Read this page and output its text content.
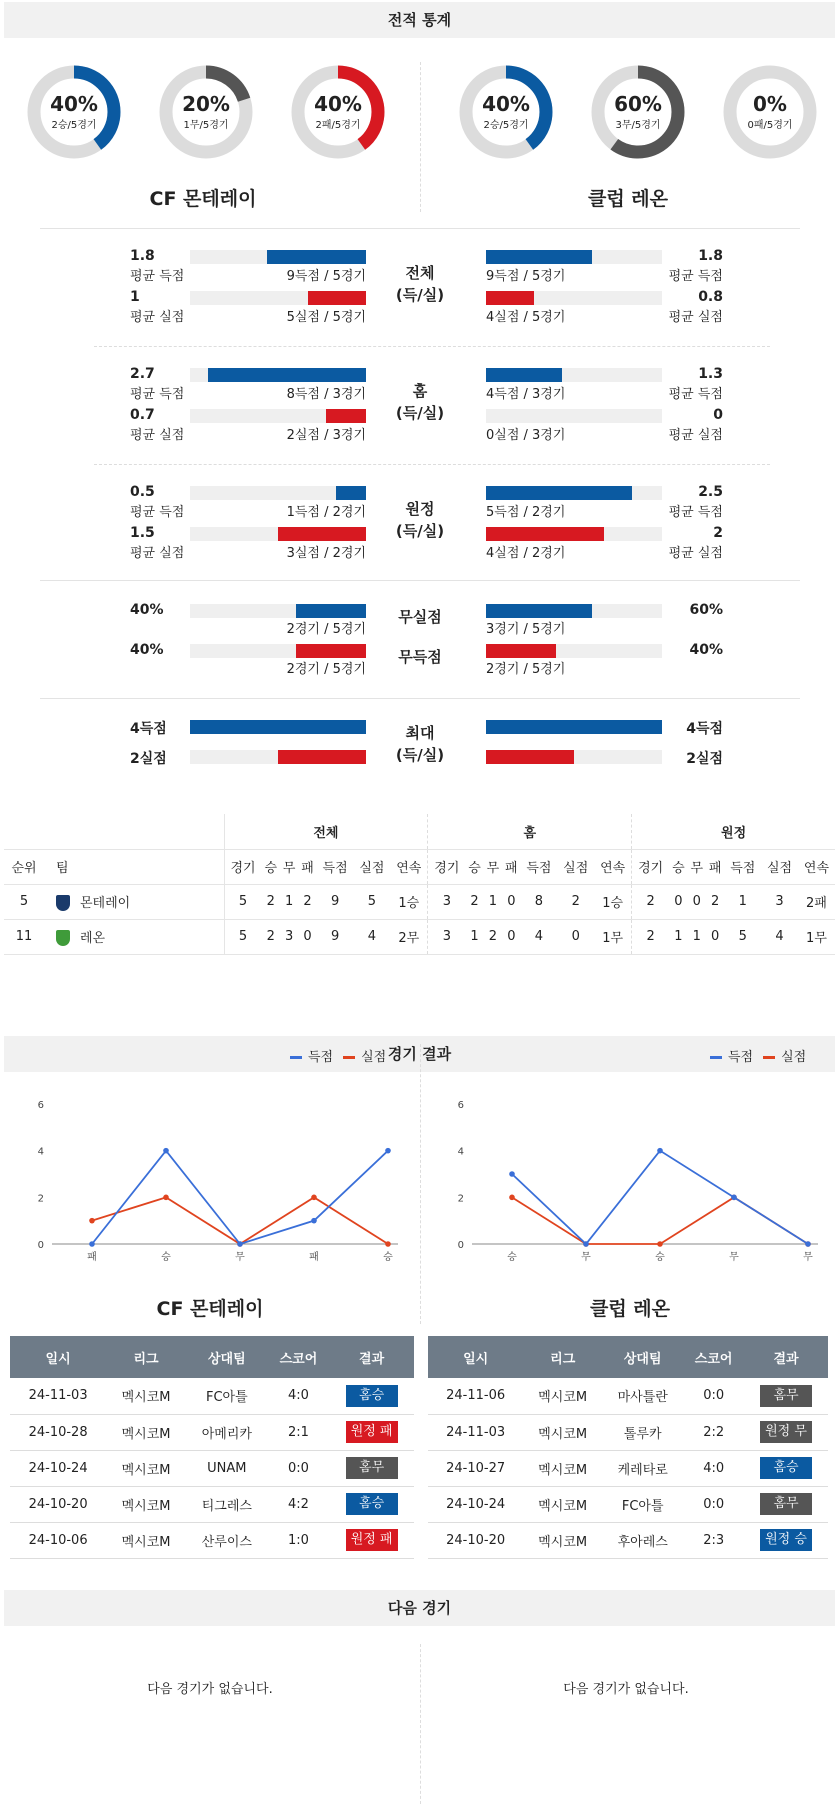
전적 통계
40%
2승/5경기
20%
1무/5경기
40%
2패/5경기
40%
2승/5경기
60%
3무/5경기
0%
0패/5경기
CF 몬테레이	클럽 레온
1.8
평균 득점	9득점 / 5경기
1.8
평균 득점
9득점 / 5경기
1
평균 실점	5실점 / 5경기
0.8
평균 실점
4실점 / 5경기
전체
(득/실)
2.7
평균 득점	8득점 / 3경기
1.3
평균 득점
4득점 / 3경기
0.7
평균 실점	2실점 / 3경기
0
평균 실점
0실점 / 3경기
홈
(득/실)
0.5
평균 득점	1득점 / 2경기
2.5
평균 득점
5득점 / 2경기
1.5
평균 실점	3실점 / 2경기
2
평균 실점
4실점 / 2경기
원정
(득/실)
40%
2경기 / 5경기
무실점	60%
3경기 / 5경기
40%
2경기 / 5경기
무득점	40%
2경기 / 5경기
4득점	4득점
2실점	2실점
최대
(득/실)
		전체							홈							원정						
순위	팀	경기	승	무	패	득점	실점	연속	경기	승	무	패	득점	실점	연속	경기	승	무	패	득점	실점	연속
5	몬테레이	5	2	1	2	9	5	1승	3	2	1	0	8	2	1승	2	0	0	2	1	3	2패
11	레온	5	2	3	0	9	4	2무	3	1	2	0	4	0	1무	2	1	1	0	5	4	1무
경기 결과
득점 실점
0
2
4
6
패	승	무	패	승
CF 몬테레이
득점 실점
0
2
4
6
승	무	승	무	무
클럽 레온
일시	리그	상대팀	스코어	결과
24-11-03	멕시코M	FC아틀	4:0	홈승
24-10-28	멕시코M	아메리카	2:1	원정 패
24-10-24	멕시코M	UNAM	0:0	홈무
24-10-20	멕시코M	티그레스	4:2	홈승
24-10-06	멕시코M	산루이스	1:0	원정 패
일시	리그	상대팀	스코어	결과
24-11-06	멕시코M	마사틀란	0:0	홈무
24-11-03	멕시코M	톨루카	2:2	원정 무
24-10-27	멕시코M	케레타로	4:0	홈승
24-10-24	멕시코M	FC아틀	0:0	홈무
24-10-20	멕시코M	후아레스	2:3	원정 승
다음 경기
다음 경기가 없습니다.	다음 경기가 없습니다.
